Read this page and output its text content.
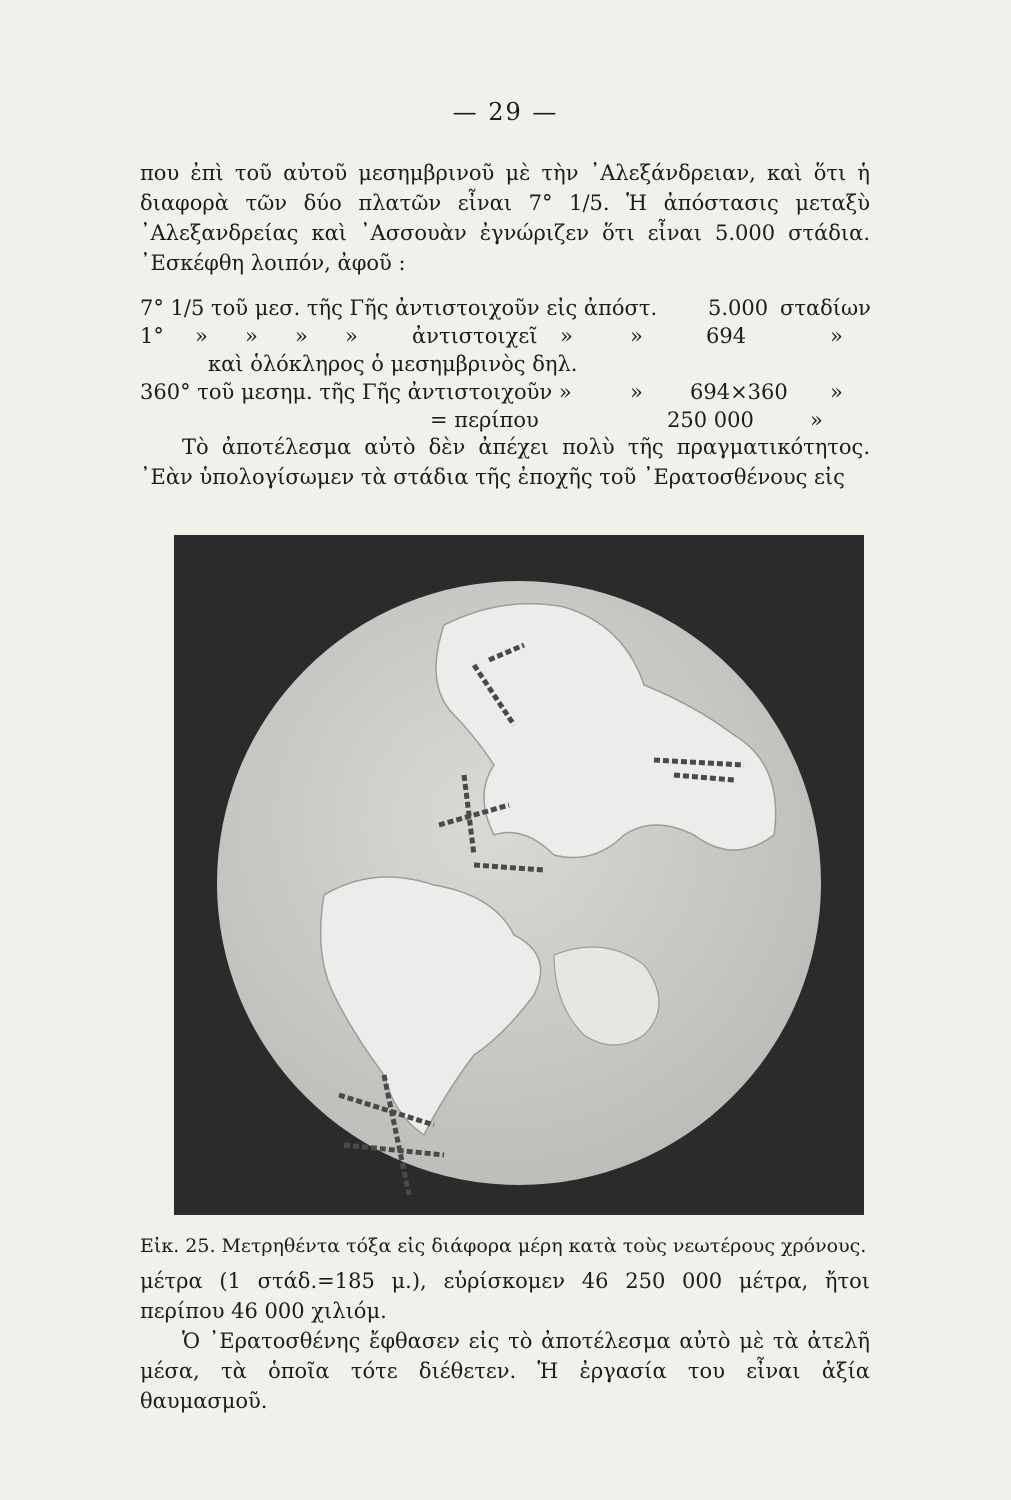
— 29 —
που ἐπὶ τοῦ αὐτοῦ μεσημβρινοῦ μὲ τὴν ᾿Αλεξάνδρειαν, καὶ ὅτι ἡ διαφορὰ τῶν δύο πλατῶν εἶναι 7° 1/5. Ἡ ἀπόστασις μεταξὺ ᾿Αλεξανδρείας καὶ ᾿Ασσουὰν ἐγνώριζεν ὅτι εἶναι 5.000 στάδια. ᾿Εσκέφθη λοιπόν, ἀφοῦ :
7° 1/5 τοῦ μεσ. τῆς Γῆς ἀντιστοιχοῦν εἰς ἀπόστ. 5.000 σταδίων
1° » » » »	ἀντιστοιχεῖ »	»	694	»
καὶ ὁλόκληρος ὁ μεσημβρινὸς δηλ.
360° τοῦ μεσημ. τῆς Γῆς ἀντιστοιχοῦν »	» 694×360 »
= περίπου	250 000	»
Τὸ ἀποτέλεσμα αὐτὸ δὲν ἀπέχει πολὺ τῆς πραγματικότητος. ᾿Εὰν ὑπολογίσωμεν τὰ στάδια τῆς ἐποχῆς τοῦ ᾿Ερατοσθένους εἰς
Εἰκ. 25. Μετρηθέντα τόξα εἰς διάφορα μέρη κατὰ τοὺς νεωτέρους χρόνους.
μέτρα (1 στάδ.=185 μ.), εὑρίσκομεν 46 250 000 μέτρα, ἤτοι περίπου 46 000 χιλιόμ.
Ὁ ᾿Ερατοσθένης ἔφθασεν εἰς τὸ ἀποτέλεσμα αὐτὸ μὲ τὰ ἀτελῆ μέσα, τὰ ὁποῖα τότε διέθετεν. Ἡ ἐργασία του εἶναι ἀξία θαυμασμοῦ.
